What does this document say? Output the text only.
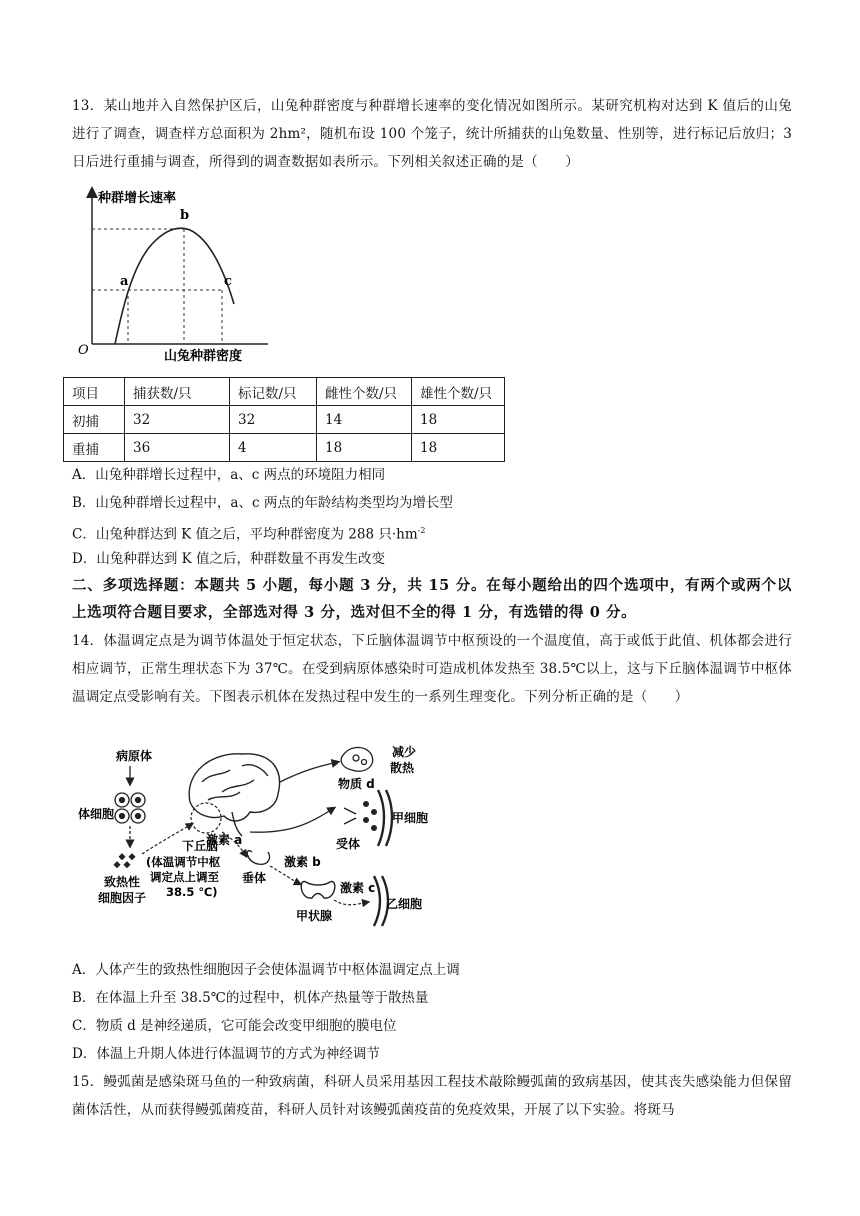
13．某山地并入自然保护区后，山兔种群密度与种群增长速率的变化情况如图所示。某研究机构对达到 K 值后的山兔进行了调查，调查样方总面积为 2hm²，随机布设 100 个笼子，统计所捕获的山兔数量、性别等，进行标记后放归；3 日后进行重捕与调查，所得到的调查数据如表所示。下列相关叙述正确的是（　　）
种群增长速率
O	山兔种群密度
a
b
c
项目	捕获数/只	标记数/只	雌性个数/只	雄性个数/只
初捕	32	32	14	18
重捕	36	4	18	18
A．山兔种群增长过程中，a、c 两点的环境阻力相同
B．山兔种群增长过程中，a、c 两点的年龄结构类型均为增长型
C．山兔种群达到 K 值之后，平均种群密度为 288 只$\cdot hm^{-2}$
D．山兔种群达到 K 值之后，种群数量不再发生改变
二、多项选择题：本题共 5 小题，每小题 3 分，共 15 分。在每小题给出的四个选项中，有两个或两个以上选项符合题目要求，全部选对得 3 分，选对但不全的得 1 分，有选错的得 0 分。
14．体温调定点是为调节体温处于恒定状态，下丘脑体温调节中枢预设的一个温度值，高于或低于此值、机体都会进行相应调节，正常生理状态下为 37℃。在受到病原体感染时可造成机体发热至 38.5℃以上，这与下丘脑体温调节中枢体温调定点受影响有关。下图表示机体在发热过程中发生的一系列生理变化。下列分析正确的是（　　）
病原体
体细胞
致热性
细胞因子
下丘脑
(体温调节中枢
调定点上调至
38.5 ℃)
激素 a
垂体
激素 b
甲状腺
激素 c
乙细胞
减少
散热
物质 d
受体
甲细胞
A．人体产生的致热性细胞因子会使体温调节中枢体温调定点上调
B．在体温上升至 38.5℃的过程中，机体产热量等于散热量
C．物质 d 是神经递质，它可能会改变甲细胞的膜电位
D．体温上升期人体进行体温调节的方式为神经调节
15．鳗弧菌是感染斑马鱼的一种致病菌，科研人员采用基因工程技术敲除鳗弧菌的致病基因，使其丧失感染能力但保留菌体活性，从而获得鳗弧菌疫苗，科研人员针对该鳗弧菌疫苗的免疫效果，开展了以下实验。将斑马
